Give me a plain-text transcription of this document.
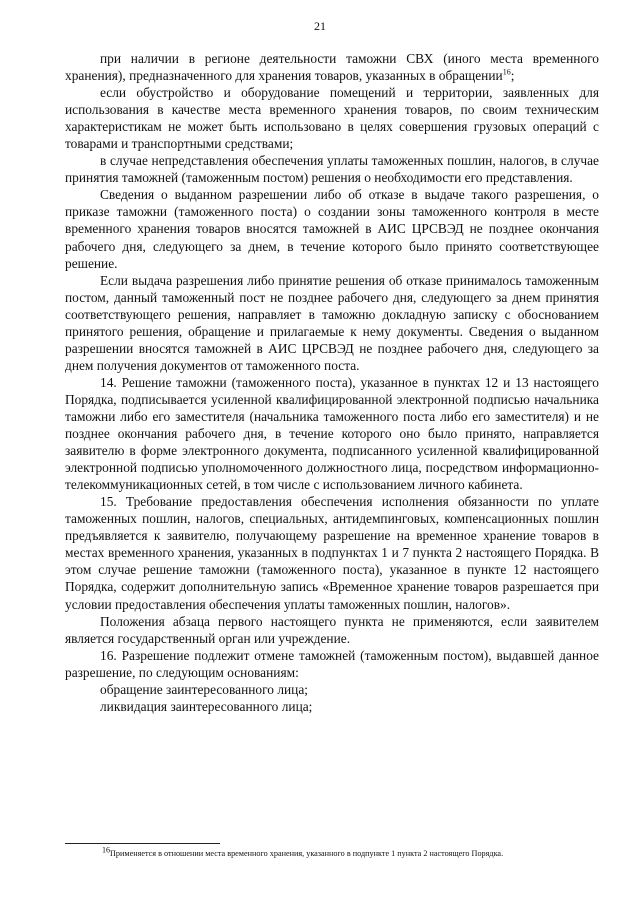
21

при наличии в регионе деятельности таможни СВХ (иного места временного хранения), предназначенного для хранения товаров, указанных в обращении$^{16}$;

если обустройство и оборудование помещений и территории, заявленных для использования в качестве места временного хранения товаров, по своим техническим характеристикам не может быть использовано в целях совершения грузовых операций с товарами и транспортными средствами;

в случае непредставления обеспечения уплаты таможенных пошлин, налогов, в случае принятия таможней (таможенным постом) решения о необходимости его представления.

Сведения о выданном разрешении либо об отказе в выдаче такого разрешения, о приказе таможни (таможенного поста) о создании зоны таможенного контроля в месте временного хранения товаров вносятся таможней в АИС ЦРСВЭД не позднее окончания рабочего дня, следующего за днем, в течение которого было принято соответствующее решение.

Если выдача разрешения либо принятие решения об отказе принималось таможенным постом, данный таможенный пост не позднее рабочего дня, следующего за днем принятия соответствующего решения, направляет в таможню докладную записку с обоснованием принятого решения, обращение и прилагаемые к нему документы. Сведения о выданном разрешении вносятся таможней в АИС ЦРСВЭД не позднее рабочего дня, следующего за днем получения документов от таможенного поста.

14. Решение таможни (таможенного поста), указанное в пунктах 12 и 13 настоящего Порядка, подписывается усиленной квалифицированной электронной подписью начальника таможни либо его заместителя (начальника таможенного поста либо его заместителя) и не позднее окончания рабочего дня, в течение которого оно было принято, направляется заявителю в форме электронного документа, подписанного усиленной квалифицированной электронной подписью уполномоченного должностного лица, посредством информационно-телекоммуникационных сетей, в том числе с использованием личного кабинета.

15. Требование предоставления обеспечения исполнения обязанности по уплате таможенных пошлин, налогов, специальных, антидемпинговых, компенсационных пошлин предъявляется к заявителю, получающему разрешение на временное хранение товаров в местах временного хранения, указанных в подпунктах 1 и 7 пункта 2 настоящего Порядка. В этом случае решение таможни (таможенного поста), указанное в пункте 12 настоящего Порядка, содержит дополнительную запись «Временное хранение товаров разрешается при условии предоставления обеспечения уплаты таможенных пошлин, налогов».

Положения абзаца первого настоящего пункта не применяются, если заявителем является государственный орган или учреждение.

16. Разрешение подлежит отмене таможней (таможенным постом), выдавшей данное разрешение, по следующим основаниям:

обращение заинтересованного лица;

ликвидация заинтересованного лица;

$^{16}$Применяется в отношении места временного хранения, указанного в подпункте 1 пункта 2 настоящего Порядка.
